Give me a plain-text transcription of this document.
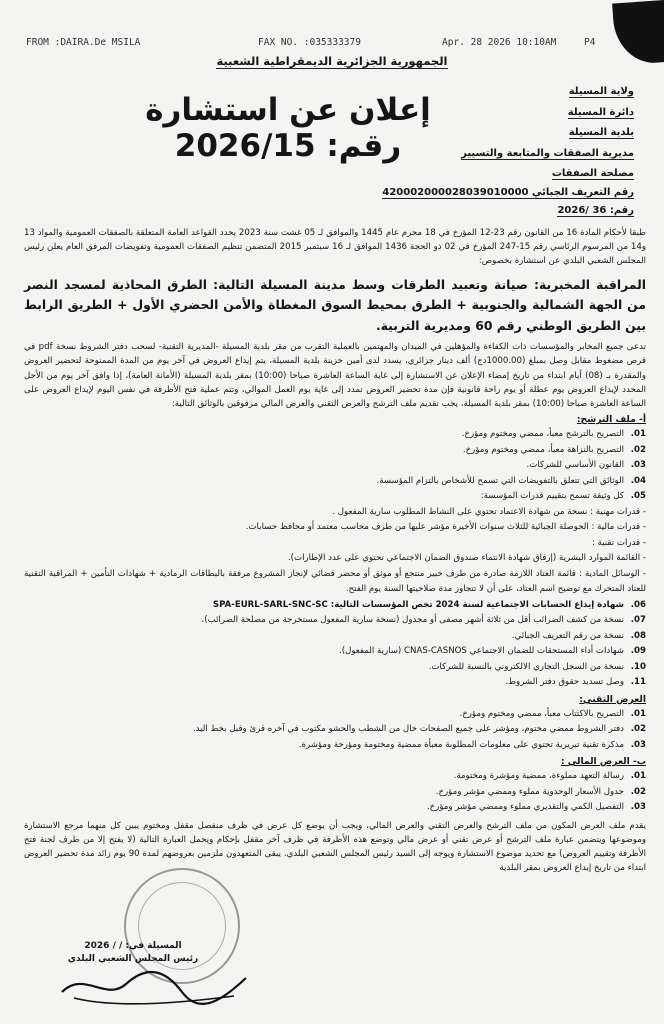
FROM :DAIRA.De MSILA	FAX NO. :035333379	Apr. 28 2026 10:10AM	P4
الجمهورية الجزائرية الديمقراطية الشعبية
ولاية المسيلة
دائرة المسيلة
بلدية المسيلة
مديرية الصفقات والمتابعة والتسيير
مصلحة الصفقات
إعلان عن استشارة رقم: 2026/15
رقم التعريف الجبائي 420002000028039010000
رقم: 36 /2026

طبقا لأحكام المادة 16 من القانون رقم 23-12 المؤرخ في 18 محرم عام 1445 والموافق لـ 05 غشت سنة 2023 يحدد القواعد العامة المتعلقة بالصفقات العمومية والمواد 13 و14 من المرسوم الرئاسي رقم 15-247 المؤرخ في 02 ذو الحجة 1436 الموافق لـ 16 سبتمبر 2015 المتضمن تنظيم الصفقات العمومية وتفويضات المرفق العام يعلن رئيس المجلس الشعبي البلدي عن استشارة بخصوص:

المراقبة المخبرية: صيانة وتعبيد الطرقات وسط مدينة المسيلة التالية: الطرق المحاذية لمسجد النصر من الجهة الشمالية والجنوبية + الطرق بمحيط السوق المغطاة والأمن الحضري الأول + الطريق الرابط بين الطريق الوطني رقم 60 ومديرية التربية.

تدعى جميع المخابر والمؤسسات ذات الكفاءة والمؤهلين في الميدان والمهتمين بالعملية التقرب من مقر بلدية المسيلة -المديرية التقنية- لسحب دفتر الشروط نسخة pdf في قرص مضغوط مقابل وصل بمبلغ (1000.00دج) ألف دينار جزائري، يسدد لدى أمين خزينة بلدية المسيلة، يتم إيداع العروض في آخر يوم من المدة الممنوحة لتحضير العروض والمقدرة بـ (08) أيام ابتداء من تاريخ إمضاء الإعلان عن الاستشارة إلى غاية الساعة العاشرة صباحا (10:00) بمقر بلدية المسيلة (الأمانة العامة)، إذا وافق آخر يوم من الأجل المحدد لإيداع العروض يوم عطلة أو يوم راحة قانونية فإن مدة تحضير العروض تمدد إلى غاية يوم العمل الموالي، وتتم عملية فتح الأظرفة في نفس اليوم لإيداع العروض على الساعة العاشرة صباحا (10:00) بمقر بلدية المسيلة، يجب تقديم ملف الترشح والعرض التقني والعرض المالي مرفوقين بالوثائق التالية:

أ- ملف الترشح:
01.التصريح بالترشح معبأ، ممضي ومختوم ومؤرخ.
02.التصريح بالنزاهة معبأ، ممضي ومختوم ومؤرخ.
03.القانون الأساسي للشركات.
04.الوثائق التي تتعلق بالتفويضات التي تسمح للأشخاص بالتزام المؤسسة.
05.كل وثيقة تسمح بتقييم قدرات المؤسسة:
- قدرات مهنية : نسخة من شهادة الاعتماد تحتوي على النشاط المطلوب سارية المفعول .
- قدرات مالية : الحوصلة الجبائية للثلاث سنوات الأخيرة مؤشر عليها من طرف محاسب معتمد أو محافظ حسابات.
- قدرات تقنية :
- القائمة الموارد البشرية (إرفاق شهادة الانتماء صندوق الضمان الاجتماعي تحتوي على عدد الإطارات).
- الوسائل المادية : قائمة العتاد اللازمة صادرة من طرف خبير منتجع أو موثق أو محضر قضائي لإنجاز المشروع مرفقة بالبطاقات الرمادية + شهادات التأمين + المراقبة التقنية للعتاد المتحرك مع توضيح اسم العتاد، على أن لا تتجاوز مدة صلاحيتها السنة يوم الفتح.
06.شهادة إيداع الحسابات الاجتماعية لسنة 2024 تخص المؤسسات التالية: SPA-EURL-SARL-SNC-SC
07.نسخة من كشف الضرائب أقل من ثلاثة أشهر مصفى أو مجدول (نسخة سارية المفعول مستخرجة من مصلحة الضرائب).
08.نسخة من رقم التعريف الجبائي.
09.شهادات أداء المستحقات للضمان الاجتماعي CNAS-CASNOS (سارية المفعول).
10.نسخة من السجل التجاري الالكتروني بالنسبة للشركات.
11.وصل تسديد حقوق دفتر الشروط.
العرض التقني:
01.التصريح بالاكتتاب معبأ، ممضي ومختوم ومؤرخ.
02.دفتر الشروط ممضي مختوم، ومؤشر على جميع الصفحات خال من الشطب والحشو مكتوب في آخره قرئ وقبل بخط اليد.
03.مذكرة تقنية تبريرية تحتوي على معلومات المطلوبة معبأة ممضية ومختومة ومؤرخة ومؤشرة.
ب- العرض المالي :
01.رسالة التعهد مملوءة، ممضية ومؤشرة ومختومة.
02.جدول الأسعار الوحدوية مملوء وممضي مؤشر ومؤرخ.
03.التفصيل الكمي والتقديري مملوء وممضي مؤشر ومؤرخ.

يقدم ملف العرض المكون من ملف الترشح والعرض التقني والعرض المالي، ويجب أن يوضع كل عرض في ظرف منفصل مقفل ومختوم يبين كل منهما مرجع الاستشارة وموضوعها ويتضمن عبارة ملف الترشح أو عرض تقني أو عرض مالي وتوضع هذه الأظرفة في ظرف آخر مقفل بإحكام ويحمل العبارة التالية (لا يفتح إلا من طرف لجنة فتح الأظرفة وتقييم العروض) مع تحديد موضوع الاستشارة ويوجه إلى السيد رئيس المجلس الشعبي البلدي. يبقى المتعهدون ملزمين بعروضهم لمدة 90 يوم زائد مدة تحضير العروض ابتداء من تاريخ إيداع العروض بمقر البلدية

المسيلة في: / / 2026
رئيس المجلس الشعبي البلدي
